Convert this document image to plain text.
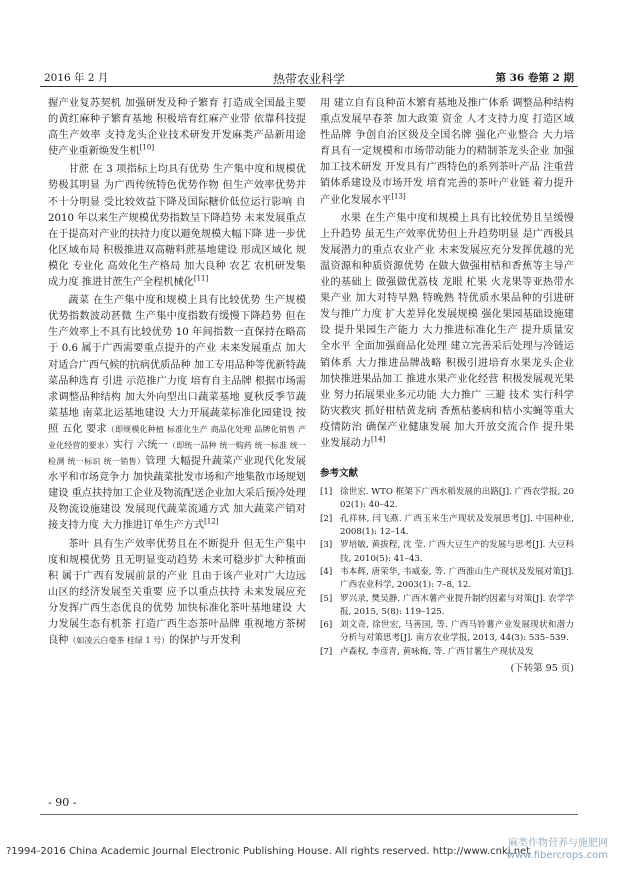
2016 年 2 月	热带农业科学	第 36 卷第 2 期

握产业复苏契机 加强研发及种子繁育 打造成全国最主要的黄红麻种子繁育基地 积极培育红麻产业带 依靠科技提高生产效率 支持龙头企业技术研发开发麻类产品新用途 使产业重新焕发生机[10]

甘蔗 在 3 项指标上均具有优势 生产集中度和规模优势极其明显 为广西传统特色优势作物 但生产效率优势并不十分明显 受比较效益下降及国际糖价低位运行影响 自 2010 年以来生产规模优势指数呈下降趋势 未来发展重点在于提高对产业的扶持力度以避免规模大幅下降 进一步优化区域布局 积极推进双高糖料蔗基地建设 形成区域化 规模化 专业化 高效化生产格局 加大良种 农艺 农机研发集成力度 推进甘蔗生产全程机械化[11]

蔬菜 在生产集中度和规模上具有比较优势 生产规模优势指数波动甚微 生产集中度指数有缓慢下降趋势 但在生产效率上不具有比较优势 10 年间指数一直保持在略高于 0.6 属于广西需要重点提升的产业 未来发展重点 加大对适合广西气候的抗病优质品种 加工专用品种等优新特蔬菜品种选育 引进 示范推广力度 培育自主品牌 根据市场需求调整品种结构 加大外向型出口蔬菜基地 夏秋反季节蔬菜基地 南菜北运基地建设 大力开展蔬菜标准化园建设 按照 五化 要求（即规模化种植 标准化生产 商品化处理 品牌化销售 产业化经营的要求）实行 六统一（即统一品种 统一购药 统一标准 统一检测 统一标识 统一销售）管理 大幅提升蔬菜产业现代化发展水平和市场竞争力 加快蔬菜批发市场和产地集散市场规划建设 重点扶持加工企业及物流配送企业加大采后预冷处理及物流设施建设 发展现代蔬菜流通方式 加大蔬菜产销对接支持力度 大力推进订单生产方式[12]

茶叶 具有生产效率优势且在不断提升 但无生产集中度和规模优势 且无明显变动趋势 未来可稳步扩大种植面积 属于广西有发展前景的产业 且由于该产业对广大边远山区的经济发展至关重要 应予以重点扶持 未来发展应充分发挥广西生态优良的优势 加快标准化茶叶基地建设 大力发展生态有机茶 打造广西生态茶叶品牌 重视地方茶树良种（如凌云白毫茶 桂绿 1 号）的保护与开发利

用 建立自有良种苗木繁育基地及推广体系 调整品种结构 重点发展早春茶 加大政策 资金 人才支持力度 打造区域性品牌 争创自治区级及全国名牌 强化产业整合 大力培育具有一定规模和市场带动能力的精制茶龙头企业 加强加工技术研发 开发具有广西特色的系列茶叶产品 注重营销体系建设及市场开发 培育完善的茶叶产业链 着力提升产业化发展水平[13]

水果 在生产集中度和规模上具有比较优势且呈缓慢上升趋势 虽无生产效率优势但上升趋势明显 是广西极具发展潜力的重点农业产业 未来发展应充分发挥优越的光温资源和种质资源优势 在做大做强柑桔和香蕉等主导产业的基础上 做强做优荔枝 龙眼 杧果 火龙果等亚热带水果产业 加大对特早熟 特晚熟 特优质水果品种的引进研发与推广力度 扩大差异化发展规模 强化果园基础设施建设 提升果园生产能力 大力推进标准化生产 提升质量安全水平 全面加强商品化处理 建立完善采后处理与冷链运销体系 大力推进品牌战略 积极引进培育水果龙头企业 加快推进果品加工 推进水果产业化经营 积极发展观光果业 努力拓展果业多元功能 大力推广 三避 技术 实行科学防灾救灾 抓好柑桔黄龙病 香蕉枯萎病和桔小实蝇等重大疫情防治 确保产业健康发展 加大开放交流合作 提升果业发展动力[14]

参考文献

[1] 徐世宏. WTO 框架下广西水稻发展的出路[J]. 广西农学报, 2002(1): 40–42.

[2] 孔祥林, 闫飞燕. 广西玉米生产现状及发展思考[J]. 中国种业, 2008(1): 12–14.

[3] 罗培敏, 黄拔程, 沈 莹. 广西大豆生产的发展与思考[J]. 大豆科技, 2010(5): 41–43.

[4] 韦本辉, 唐荣华, 韦威泰, 等. 广西淮山生产现状及发展对策[J]. 广西农业科学, 2003(1): 7–8, 12.

[5] 罗兴录, 樊吴静. 广西木薯产业提升制约因素与对策[J]. 农学学报, 2015, 5(8): 119–125.

[6] 刘文奇, 徐世宏, 马善国, 等. 广西马铃薯产业发展现状和潜力分析与对策思考[J]. 南方农业学报, 2013, 44(3): 535–539.

[7] 卢森权, 李彦青, 黄咏梅, 等. 广西甘薯生产现状及发

(下转第 95 页)
- 90 -
?1994-2016 China Academic Journal Electronic Publishing House. All rights reserved. http://www.cnki.net
麻类作物营养与施肥网
www.fibercrops.com
